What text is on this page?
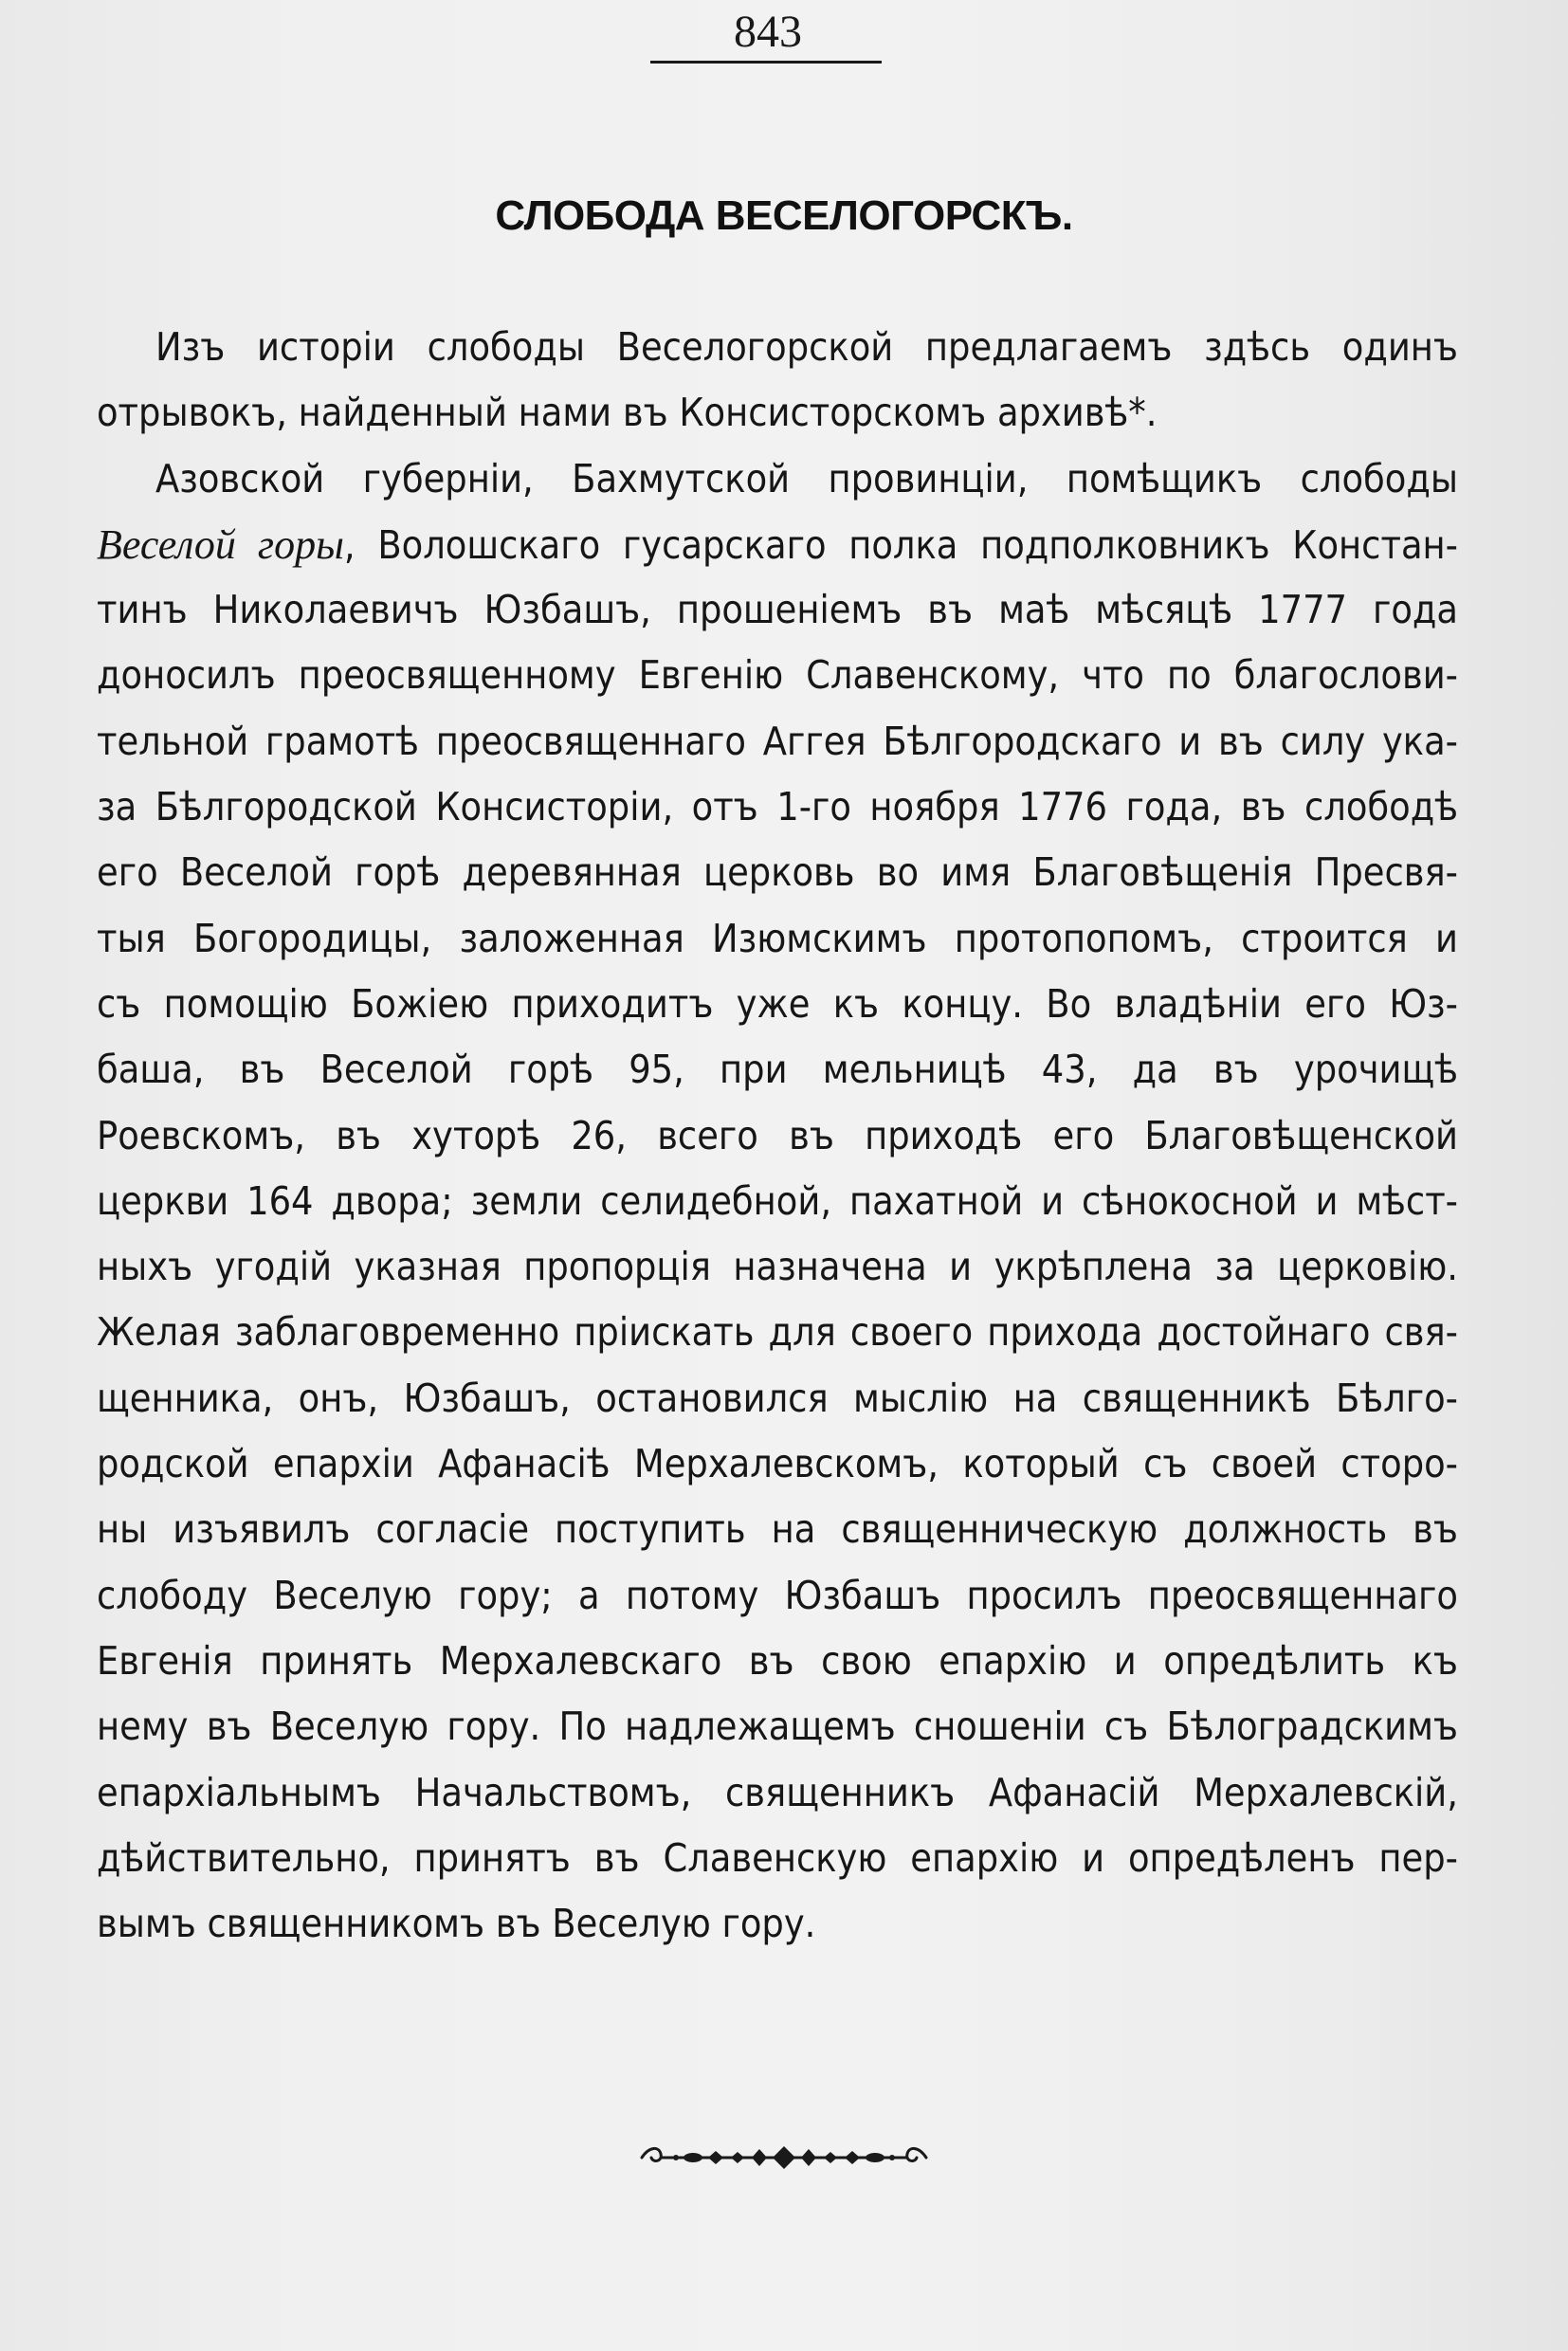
843
СЛОБОДА ВЕСЕЛОГОРСКЪ.
Изъ исторіи слободы Веселогорской предлагаемъ здѣсь одинъ
отрывокъ, найденный нами въ Консисторскомъ архивѣ*.
Азовской губерніи, Бахмутской провинціи, помѣщикъ слободы
Веселой горы, Волошскаго гусарскаго полка подполковникъ Констан-
тинъ Николаевичъ Юзбашъ, прошеніемъ въ маѣ мѣсяцѣ 1777 года
доносилъ преосвященному Евгенію Славенскому, что по благослови-
тельной грамотѣ преосвященнаго Аггея Бѣлгородскаго и въ силу ука-
за Бѣлгородской Консисторіи, отъ 1-го ноября 1776 года, въ слободѣ
его Веселой горѣ деревянная церковь во имя Благовѣщенія Пресвя-
тыя Богородицы, заложенная Изюмскимъ протопопомъ, строится и
съ помощію Божіею приходитъ уже къ концу. Во владѣніи его Юз-
баша, въ Веселой горѣ 95, при мельницѣ 43, да въ урочищѣ
Роевскомъ, въ хуторѣ 26, всего въ приходѣ его Благовѣщенской
церкви 164 двора; земли селидебной, пахатной и сѣнокосной и мѣст-
ныхъ угодій указная пропорція назначена и укрѣплена за церковію.
Желая заблаговременно пріискать для своего прихода достойнаго свя-
щенника, онъ, Юзбашъ, остановился мыслію на священникѣ Бѣлго-
родской епархіи Афанасіѣ Мерхалевскомъ, который съ своей сторо-
ны изъявилъ согласіе поступить на священническую должность въ
слободу Веселую гору; а потому Юзбашъ просилъ преосвященнаго
Евгенія принять Мерхалевскаго въ свою епархію и опредѣлить къ
нему въ Веселую гору. По надлежащемъ сношеніи съ Бѣлоградскимъ
епархіальнымъ Начальствомъ, священникъ Афанасій Мерхалевскій,
дѣйствительно, принятъ въ Славенскую епархію и опредѣленъ пер-
вымъ священникомъ въ Веселую гору.
